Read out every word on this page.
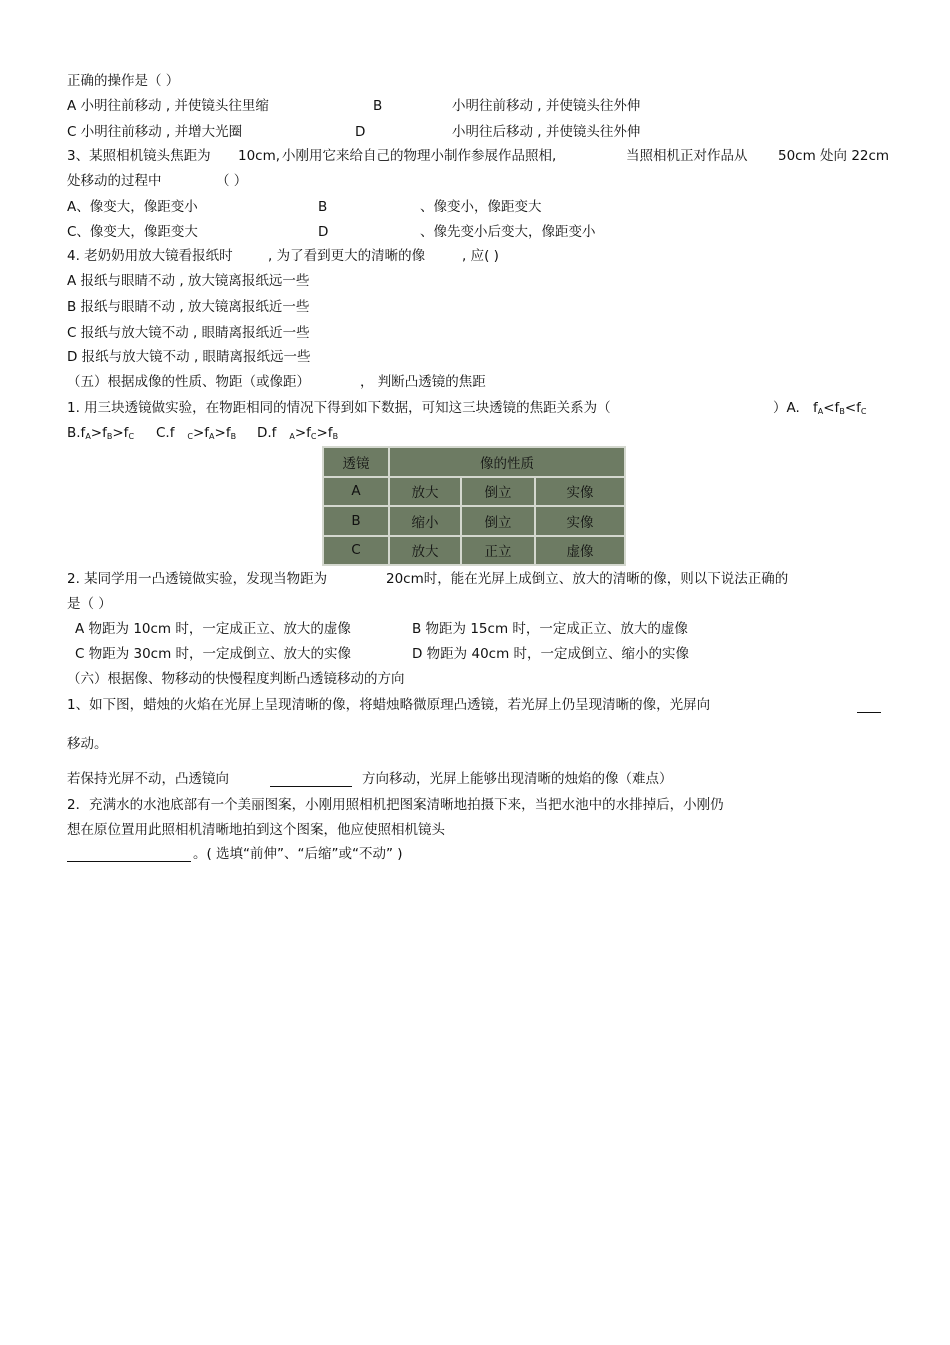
正确的操作是（ ）
A 小明往前移动 , 并使镜头往里缩	B	小明往前移动 , 并使镜头往外伸
C 小明往前移动 , 并增大光圈	D	小明往后移动 , 并使镜头往外伸
3、某照相机镜头焦距为 10cm, 小刚用它来给自己的物理小制作参展作品照相,	当照相机正对作品从 50cm 处向 22cm
处移动的过程中	（ ）
A、像变大，像距变小	B	、像变小，像距变大
C、像变大，像距变大	D	、像先变小后变大，像距变小
4. 老奶奶用放大镜看报纸时	, 为了看到更大的清晰的像	, 应( )
A 报纸与眼睛不动 , 放大镜离报纸远一些
B 报纸与眼睛不动 , 放大镜离报纸近一些
C 报纸与放大镜不动 , 眼睛离报纸近一些
D 报纸与放大镜不动 , 眼睛离报纸远一些
（五）根据成像的性质、物距（或像距）	， 判断凸透镜的焦距
1. 用三块透镜做实验，在物距相同的情况下得到如下数据，可知这三块透镜的焦距关系为（	）A. fA<fB<fC
B.fA>fB>fC C.f C>fA>fB D.f A>fC>fB
透镜	像的性质		
A	放大	倒立	实像
B	缩小	倒立	实像
C	放大	正立	虚像
2. 某同学用一凸透镜做实验，发现当物距为	20cm时，能在光屏上成倒立、放大的清晰的像，则以下说法正确的
是（ ）
A 物距为 10cm 时，一定成正立、放大的虚像	B 物距为 15cm 时，一定成正立、放大的虚像
C 物距为 30cm 时，一定成倒立、放大的实像	D 物距为 40cm 时，一定成倒立、缩小的实像
（六）根据像、物移动的快慢程度判断凸透镜移动的方向
1、如下图，蜡烛的火焰在光屏上呈现清晰的像，将蜡烛略微原理凸透镜，若光屏上仍呈现清晰的像，光屏向
移动。
若保持光屏不动，凸透镜向	方向移动，光屏上能够出现清晰的烛焰的像（难点）
2．充满水的水池底部有一个美丽图案，小刚用照相机把图案清晰地拍摄下来，当把水池中的水排掉后，小刚仍
想在原位置用此照相机清晰地拍到这个图案，他应使照相机镜头
。( 选填“前伸”、“后缩”或“不动” )
